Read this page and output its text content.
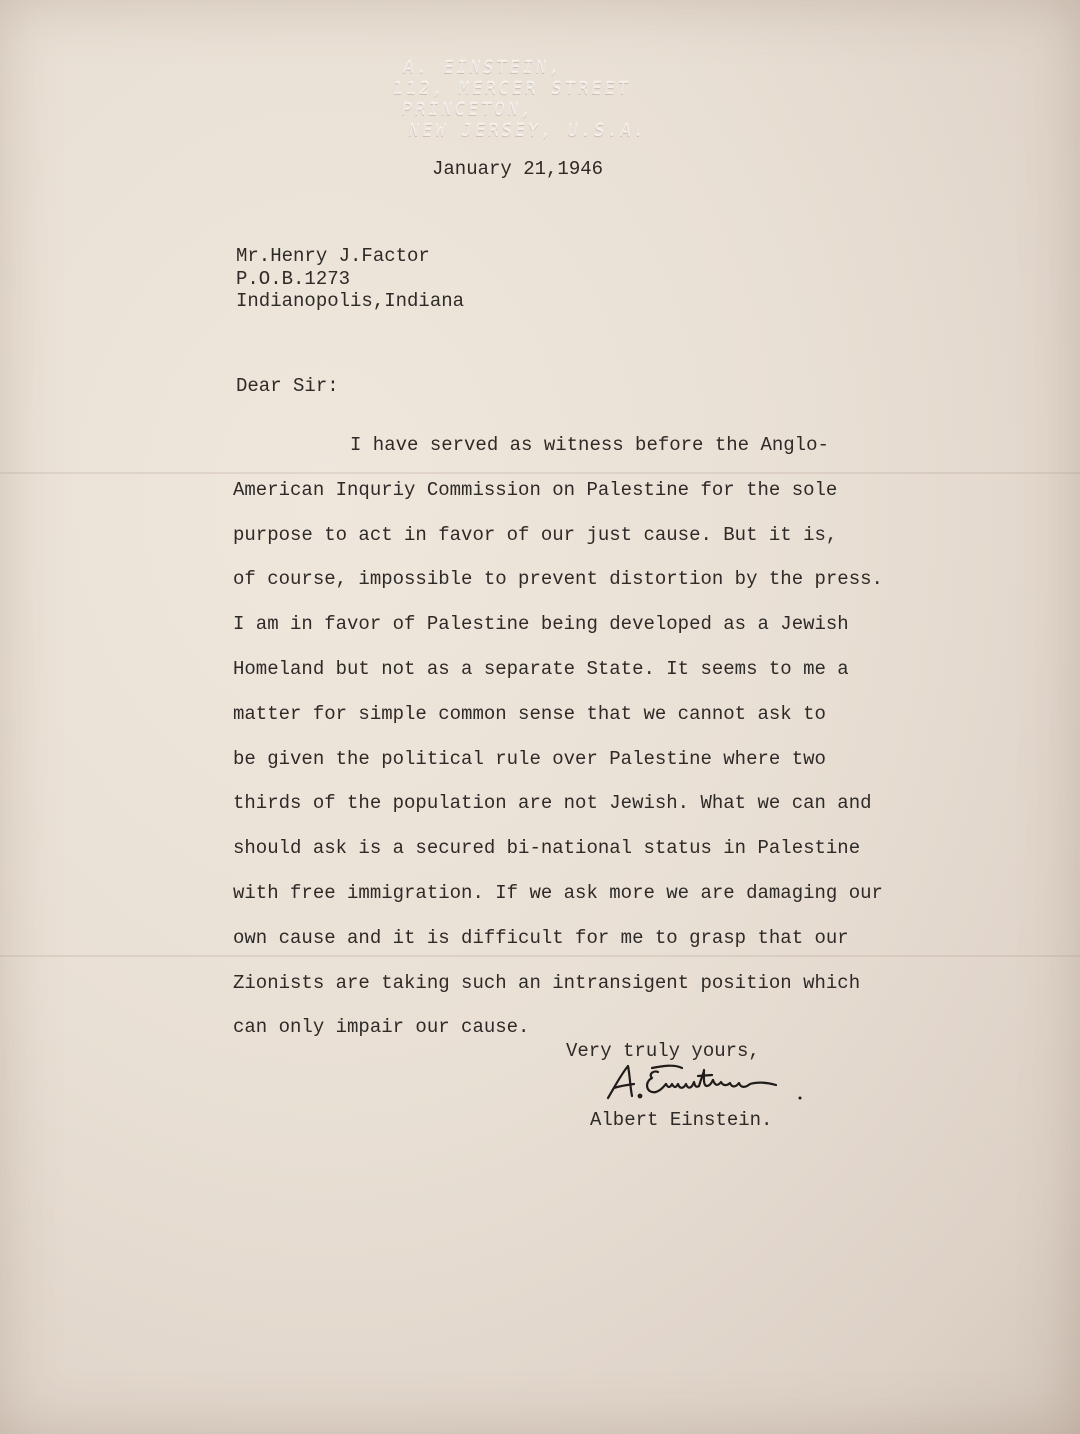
A. EINSTEIN,
112, MERCER STREET
PRINCETON,
NEW JERSEY, U.S.A.
January 21,1946
Mr.Henry J.Factor
P.O.B.1273
Indianopolis,Indiana
Dear Sir:
I have served as witness before the Anglo-
American Inquriy Commission on Palestine for the sole
purpose to act in favor of our just cause. But it is,
of course, impossible to prevent distortion by the press.
I am in favor of Palestine being developed as a Jewish
Homeland but not as a separate State. It seems to me a
matter for simple common sense that we cannot ask to
be given the political rule over Palestine where two
thirds of the population are not Jewish. What we can and
should ask is a secured bi-national status in Palestine
with free immigration. If we ask more we are damaging our
own cause and it is difficult for me to grasp that our
Zionists are taking such an intransigent position which
can only impair our cause.
Very truly yours,
Albert Einstein.
